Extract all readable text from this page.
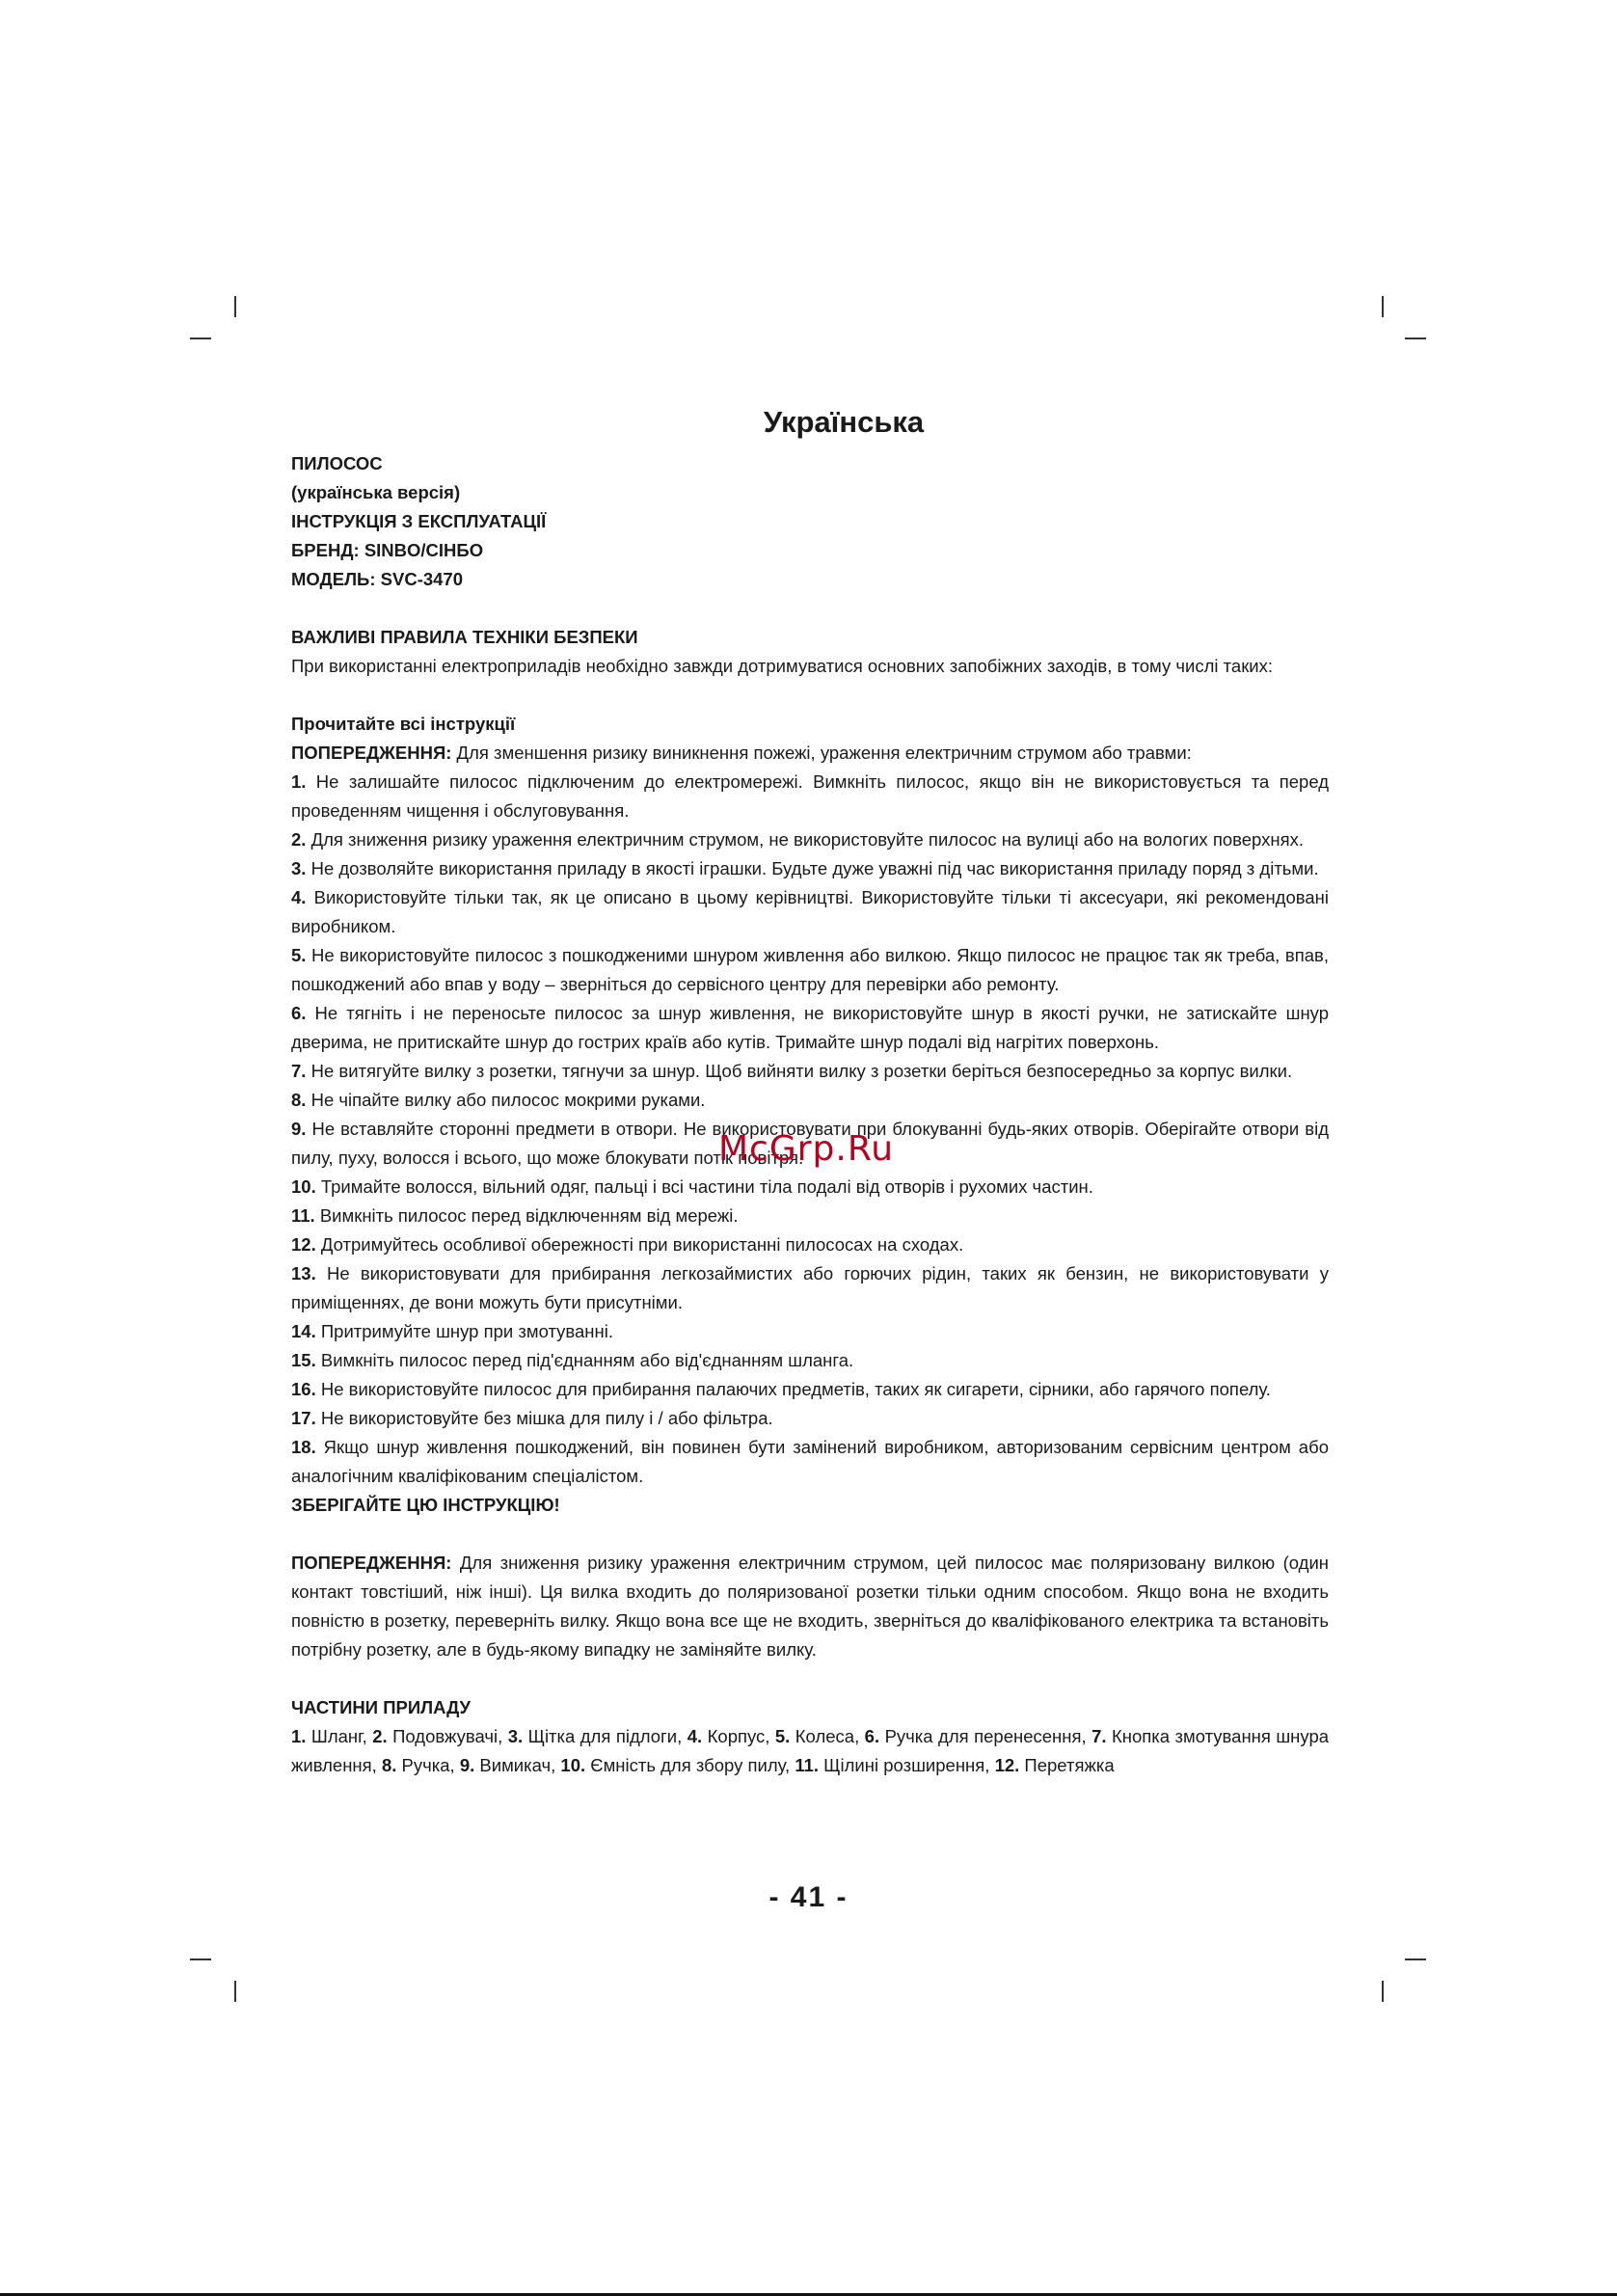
Українська

ПИЛОСОС

(українська версія)

ІНСТРУКЦІЯ З ЕКСПЛУАТАЦІЇ

БРЕНД: SINBO/СІНБО

МОДЕЛЬ: SVC-3470

ВАЖЛИВІ ПРАВИЛА ТЕХНІКИ БЕЗПЕКИ

При використанні електроприладів необхідно завжди дотримуватися основних запобіжних заходів, в тому числі таких:

Прочитайте всі інструкції

ПОПЕРЕДЖЕННЯ: Для зменшення ризику виникнення пожежі, ураження електричним струмом або травми:

1. Не залишайте пилосос підключеним до електромережі. Вимкніть пилосос, якщо він не використовується та перед проведенням чищення і обслуговування.

2. Для зниження ризику ураження електричним струмом, не використовуйте пилосос на вулиці або на вологих поверхнях.

3. Не дозволяйте використання приладу в якості іграшки. Будьте дуже уважні під час використання приладу поряд з дітьми.

4. Використовуйте тільки так, як це описано в цьому керівництві. Використовуйте тільки ті аксесуари, які рекомендовані виробником.

5. Не використовуйте пилосос з пошкодженими шнуром живлення або вилкою. Якщо пилосос не працює так як треба, впав, пошкоджений або впав у воду – зверніться до сервісного центру для перевірки або ремонту.

6. Не тягніть і не переносьте пилосос за шнур живлення, не використовуйте шнур в якості ручки, не затискайте шнур дверима, не притискайте шнур до гострих країв або кутів. Тримайте шнур подалі від нагрітих поверхонь.

7. Не витягуйте вилку з розетки, тягнучи за шнур. Щоб вийняти вилку з розетки беріться безпосередньо за корпус вилки.

8. Не чіпайте вилку або пилосос мокрими руками.

9. Не вставляйте сторонні предмети в отвори. Не використовувати при блокуванні будь-яких отворів. Оберігайте отвори від пилу, пуху, волосся і всього, що може блокувати потік повітря.

10. Тримайте волосся, вільний одяг, пальці і всі частини тіла подалі від отворів і рухомих частин.

11. Вимкніть пилосос перед відключенням від мережі.

12. Дотримуйтесь особливої обережності при використанні пилососах на сходах.

13. Не використовувати для прибирання легкозаймистих або горючих рідин, таких як бензин, не використовувати у приміщеннях, де вони можуть бути присутніми.

14. Притримуйте шнур при змотуванні.

15. Вимкніть пилосос перед під'єднанням або від'єднанням шланга.

16. Не використовуйте пилосос для прибирання палаючих предметів, таких як сигарети, сірники, або гарячого попелу.

17. Не використовуйте без мішка для пилу і / або фільтра.

18. Якщо шнур живлення пошкоджений, він повинен бути замінений виробником, авторизованим сервісним центром або аналогічним кваліфікованим спеціалістом.

ЗБЕРІГАЙТЕ ЦЮ ІНСТРУКЦІЮ!

ПОПЕРЕДЖЕННЯ: Для зниження ризику ураження електричним струмом, цей пилосос має поляризовану вилкою (один контакт товстіший, ніж інші). Ця вилка входить до поляризованої розетки тільки одним способом. Якщо вона не входить повністю в розетку, переверніть вилку. Якщо вона все ще не входить, зверніться до кваліфікованого електрика та встановіть потрібну розетку, але в будь-якому випадку не заміняйте вилку.

ЧАСТИНИ ПРИЛАДУ

1. Шланг, 2. Подовжувачі, 3. Щітка для підлоги, 4. Корпус, 5. Колеса, 6. Ручка для перенесення, 7. Кнопка змотування шнура живлення, 8. Ручка, 9. Вимикач, 10. Ємність для збору пилу, 11. Щілині розширення, 12. Перетяжка

McGrp.Ru
- 41 -
